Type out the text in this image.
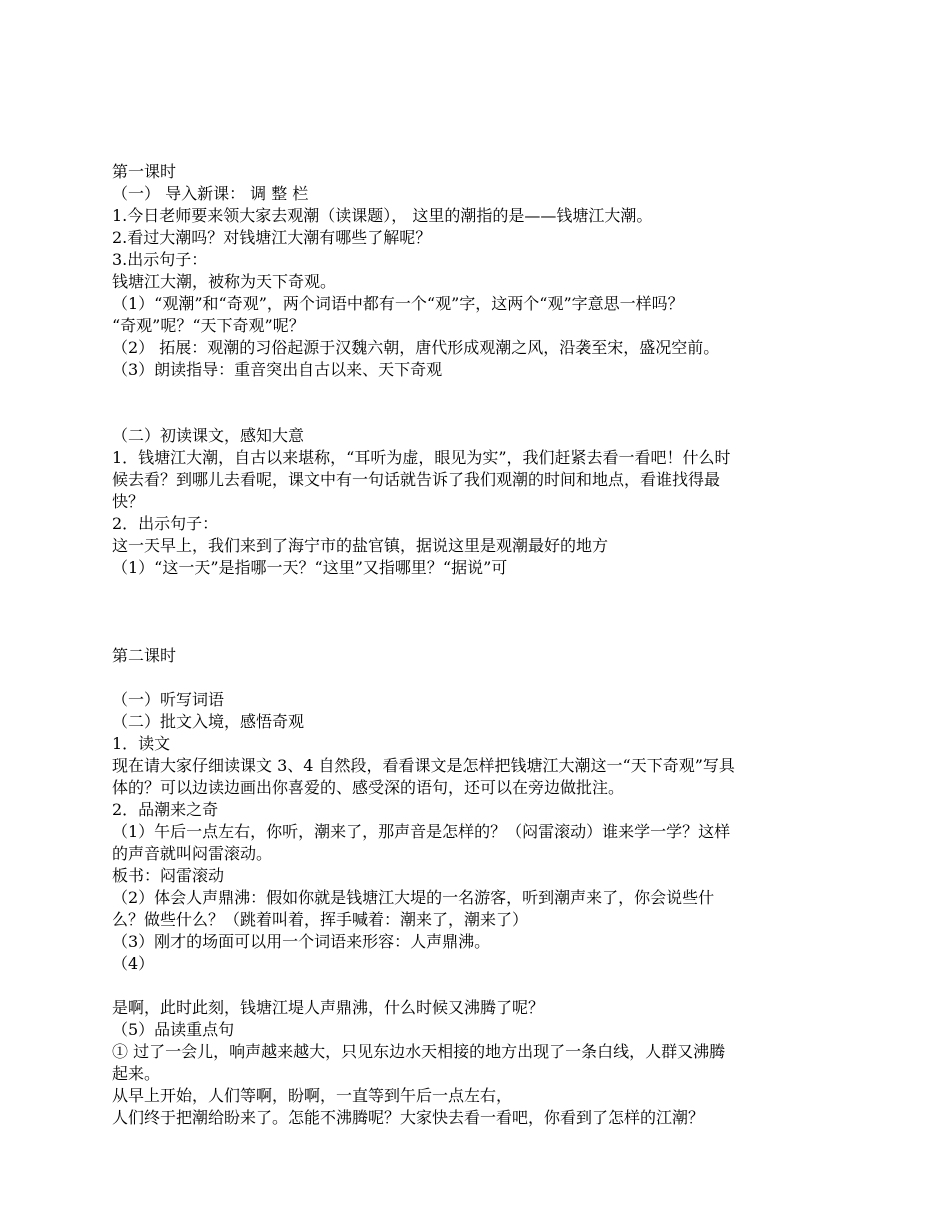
第一课时

（一） 导入新课： 调 整 栏

1.今日老师要来领大家去观潮（读课题）， 这里的潮指的是——钱塘江大潮。

2.看过大潮吗？对钱塘江大潮有哪些了解呢？

3.出示句子：

钱塘江大潮，被称为天下奇观。

（1）“观潮”和“奇观”，两个词语中都有一个“观”字，这两个“观”字意思一样吗？

“奇观”呢？“天下奇观”呢？

（2） 拓展：观潮的习俗起源于汉魏六朝，唐代形成观潮之风，沿袭至宋，盛况空前。

（3）朗读指导：重音突出自古以来、天下奇观

（二）初读课文，感知大意

1．钱塘江大潮，自古以来堪称，“耳听为虚，眼见为实”，我们赶紧去看一看吧！什么时

候去看？到哪儿去看呢，课文中有一句话就告诉了我们观潮的时间和地点，看谁找得最

快？

2．出示句子：

这一天早上，我们来到了海宁市的盐官镇，据说这里是观潮最好的地方

（1）“这一天”是指哪一天？“这里”又指哪里？“据说”可

第二课时

（一）听写词语

（二）批文入境，感悟奇观

1．读文

现在请大家仔细读课文 3、4 自然段，看看课文是怎样把钱塘江大潮这一“天下奇观”写具

体的？可以边读边画出你喜爱的、感受深的语句，还可以在旁边做批注。

2．品潮来之奇

（1）午后一点左右，你听，潮来了，那声音是怎样的？（闷雷滚动）谁来学一学？这样

的声音就叫闷雷滚动。

板书：闷雷滚动

（2）体会人声鼎沸：假如你就是钱塘江大堤的一名游客，听到潮声来了，你会说些什

么？做些什么？（跳着叫着，挥手喊着：潮来了，潮来了）

（3）刚才的场面可以用一个词语来形容：人声鼎沸。

（4）

是啊，此时此刻，钱塘江堤人声鼎沸，什么时候又沸腾了呢？

（5）品读重点句

① 过了一会儿，响声越来越大，只见东边水天相接的地方出现了一条白线，人群又沸腾

起来。

从早上开始，人们等啊，盼啊，一直等到午后一点左右，

人们终于把潮给盼来了。怎能不沸腾呢？大家快去看一看吧，你看到了怎样的江潮？
